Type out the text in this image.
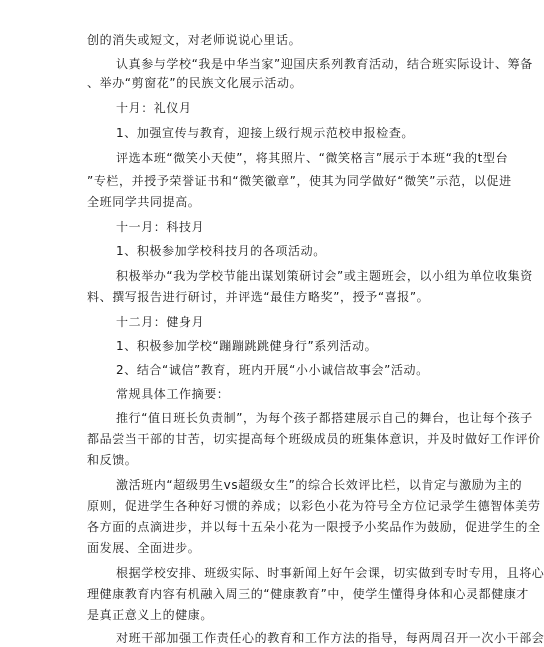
创的消失或短文，对老师说说心里话。
认真参与学校“我是中华当家”迎国庆系列教育活动，结合班实际设计、筹备
、举办“剪窗花”的民族文化展示活动。
十月：礼仪月
1、加强宣传与教育，迎接上级行规示范校申报检查。
评选本班“微笑小天使”，将其照片、“微笑格言”展示于本班“我的t型台
”专栏，并授予荣誉证书和“微笑徽章”，使其为同学做好“微笑”示范，以促进
全班同学共同提高。
十一月：科技月
1、积极参加学校科技月的各项活动。
积极举办“我为学校节能出谋划策研讨会”或主题班会，以小组为单位收集资
料、撰写报告进行研讨，并评选“最佳方略奖”，授予“喜报”。
十二月：健身月
1、积极参加学校“蹦蹦跳跳健身行”系列活动。
2、结合“诚信”教育，班内开展“小小诚信故事会”活动。
常规具体工作摘要：
推行“值日班长负责制”，为每个孩子都搭建展示自己的舞台，也让每个孩子
都品尝当干部的甘苦，切实提高每个班级成员的班集体意识，并及时做好工作评价
和反馈。
激活班内“超级男生vs超级女生”的综合长效评比栏，以肯定与激励为主的
原则，促进学生各种好习惯的养成；以彩色小花为符号全方位记录学生德智体美劳
各方面的点滴进步，并以每十五朵小花为一限授予小奖品作为鼓励，促进学生的全
面发展、全面进步。
根据学校安排、班级实际、时事新闻上好午会课，切实做到专时专用，且将心
理健康教育内容有机融入周三的“健康教育”中，使学生懂得身体和心灵都健康才
是真正意义上的健康。
对班干部加强工作责任心的教育和工作方法的指导，每两周召开一次小干部会
